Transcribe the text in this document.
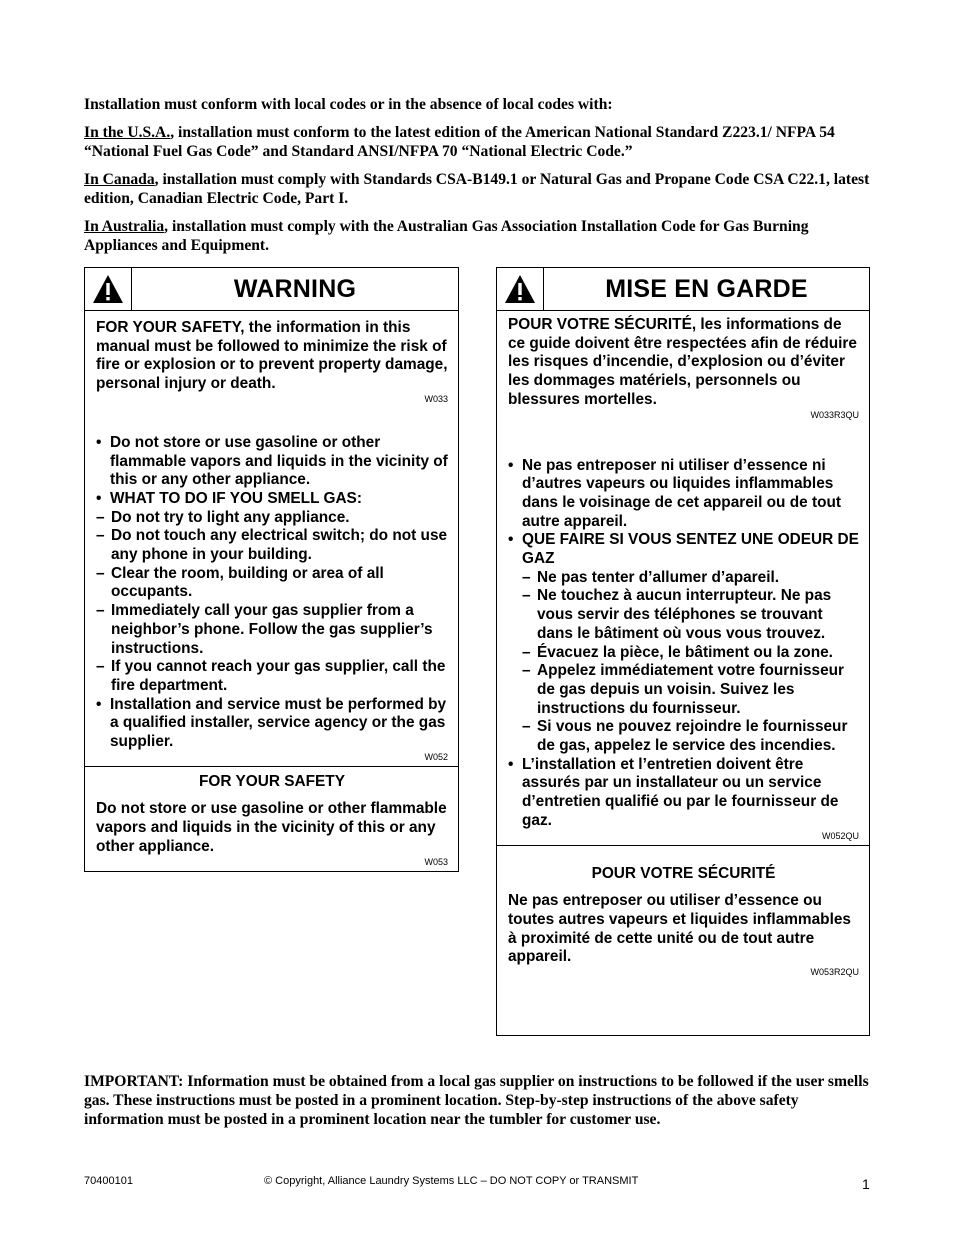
Installation must conform with local codes or in the absence of local codes with:

In the U.S.A., installation must conform to the latest edition of the American National Standard Z223.1/ NFPA 54 “National Fuel Gas Code” and Standard ANSI/NFPA 70 “National Electric Code.”

In Canada, installation must comply with Standards CSA-B149.1 or Natural Gas and Propane Code CSA C22.1, latest edition, Canadian Electric Code, Part I.

In Australia, installation must comply with the Australian Gas Association Installation Code for Gas Burning Appliances and Equipment.

WARNING
FOR YOUR SAFETY, the information in this manual must be followed to minimize the risk of fire or explosion or to prevent property damage, personal injury or death.
W033
• Do not store or use gasoline or other flammable vapors and liquids in the vicinity of this or any other appliance.
• WHAT TO DO IF YOU SMELL GAS:
– Do not try to light any appliance.
– Do not touch any electrical switch; do not use any phone in your building.
– Clear the room, building or area of all occupants.
– Immediately call your gas supplier from a neighbor’s phone. Follow the gas supplier’s instructions.
– If you cannot reach your gas supplier, call the fire department.
• Installation and service must be performed by a qualified installer, service agency or the gas supplier.
W052
FOR YOUR SAFETY
Do not store or use gasoline or other flammable vapors and liquids in the vicinity of this or any other appliance.
W053
MISE EN GARDE
POUR VOTRE SÉCURITÉ, les informations de ce guide doivent être respectées afin de réduire les risques d’incendie, d’explosion ou d’éviter les dommages matériels, personnels ou blessures mortelles.
W033R3QU
• Ne pas entreposer ni utiliser d’essence ni d’autres vapeurs ou liquides inflammables dans le voisinage de cet appareil ou de tout autre appareil.
• QUE FAIRE SI VOUS SENTEZ UNE ODEUR DE GAZ
– Ne pas tenter d’allumer d’apareil.
– Ne touchez à aucun interrupteur. Ne pas vous servir des téléphones se trouvant dans le bâtiment où vous vous trouvez.
– Évacuez la pièce, le bâtiment ou la zone.
– Appelez immédiatement votre fournisseur de gas depuis un voisin. Suivez les instructions du fournisseur.
– Si vous ne pouvez rejoindre le fournisseur de gas, appelez le service des incendies.
• L’installation et l’entretien doivent être assurés par un installateur ou un service d’entretien qualifié ou par le fournisseur de gaz.
W052QU
POUR VOTRE SÉCURITÉ
Ne pas entreposer ou utiliser d’essence ou toutes autres vapeurs et liquides inflammables à proximité de cette unité ou de tout autre appareil.
W053R2QU
IMPORTANT: Information must be obtained from a local gas supplier on instructions to be followed if the user smells gas. These instructions must be posted in a prominent location. Step-by-step instructions of the above safety information must be posted in a prominent location near the tumbler for customer use.
70400101	© Copyright, Alliance Laundry Systems LLC – DO NOT COPY or TRANSMIT	1
